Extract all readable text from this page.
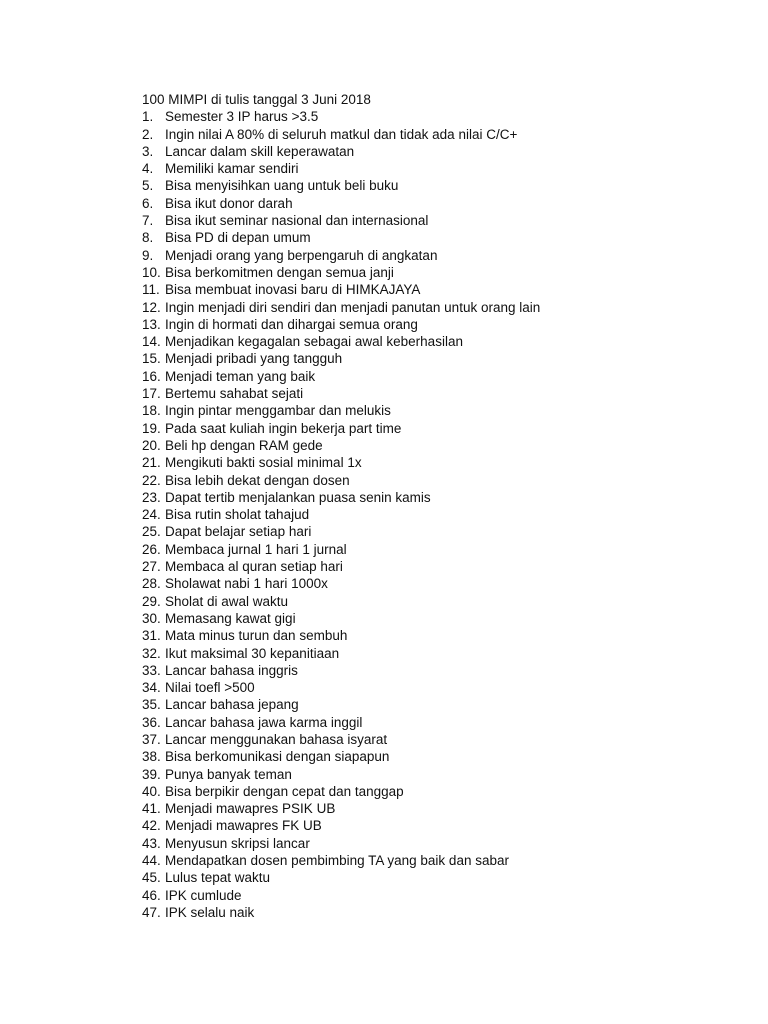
100 MIMPI di tulis tanggal 3 Juni 2018
1. Semester 3 IP harus >3.5
2. Ingin nilai A 80% di seluruh matkul dan tidak ada nilai C/C+
3. Lancar dalam skill keperawatan
4. Memiliki kamar sendiri
5. Bisa menyisihkan uang untuk beli buku
6. Bisa ikut donor darah
7. Bisa ikut seminar nasional dan internasional
8. Bisa PD di depan umum
9. Menjadi orang yang berpengaruh di angkatan
10. Bisa berkomitmen dengan semua janji
11. Bisa membuat inovasi baru di HIMKAJAYA
12. Ingin menjadi diri sendiri dan menjadi panutan untuk orang lain
13. Ingin di hormati dan dihargai semua orang
14. Menjadikan kegagalan sebagai awal keberhasilan
15. Menjadi pribadi yang tangguh
16. Menjadi teman yang baik
17. Bertemu sahabat sejati
18. Ingin pintar menggambar dan melukis
19. Pada saat kuliah ingin bekerja part time
20. Beli hp dengan RAM gede
21. Mengikuti bakti sosial minimal 1x
22. Bisa lebih dekat dengan dosen
23. Dapat tertib menjalankan puasa senin kamis
24. Bisa rutin sholat tahajud
25. Dapat belajar setiap hari
26. Membaca jurnal 1 hari 1 jurnal
27. Membaca al quran setiap hari
28. Sholawat nabi 1 hari 1000x
29. Sholat di awal waktu
30. Memasang kawat gigi
31. Mata minus turun dan sembuh
32. Ikut maksimal 30 kepanitiaan
33. Lancar bahasa inggris
34. Nilai toefl >500
35. Lancar bahasa jepang
36. Lancar bahasa jawa karma inggil
37. Lancar menggunakan bahasa isyarat
38. Bisa berkomunikasi dengan siapapun
39. Punya banyak teman
40. Bisa berpikir dengan cepat dan tanggap
41. Menjadi mawapres PSIK UB
42. Menjadi mawapres FK UB
43. Menyusun skripsi lancar
44. Mendapatkan dosen pembimbing TA yang baik dan sabar
45. Lulus tepat waktu
46. IPK cumlude
47. IPK selalu naik
